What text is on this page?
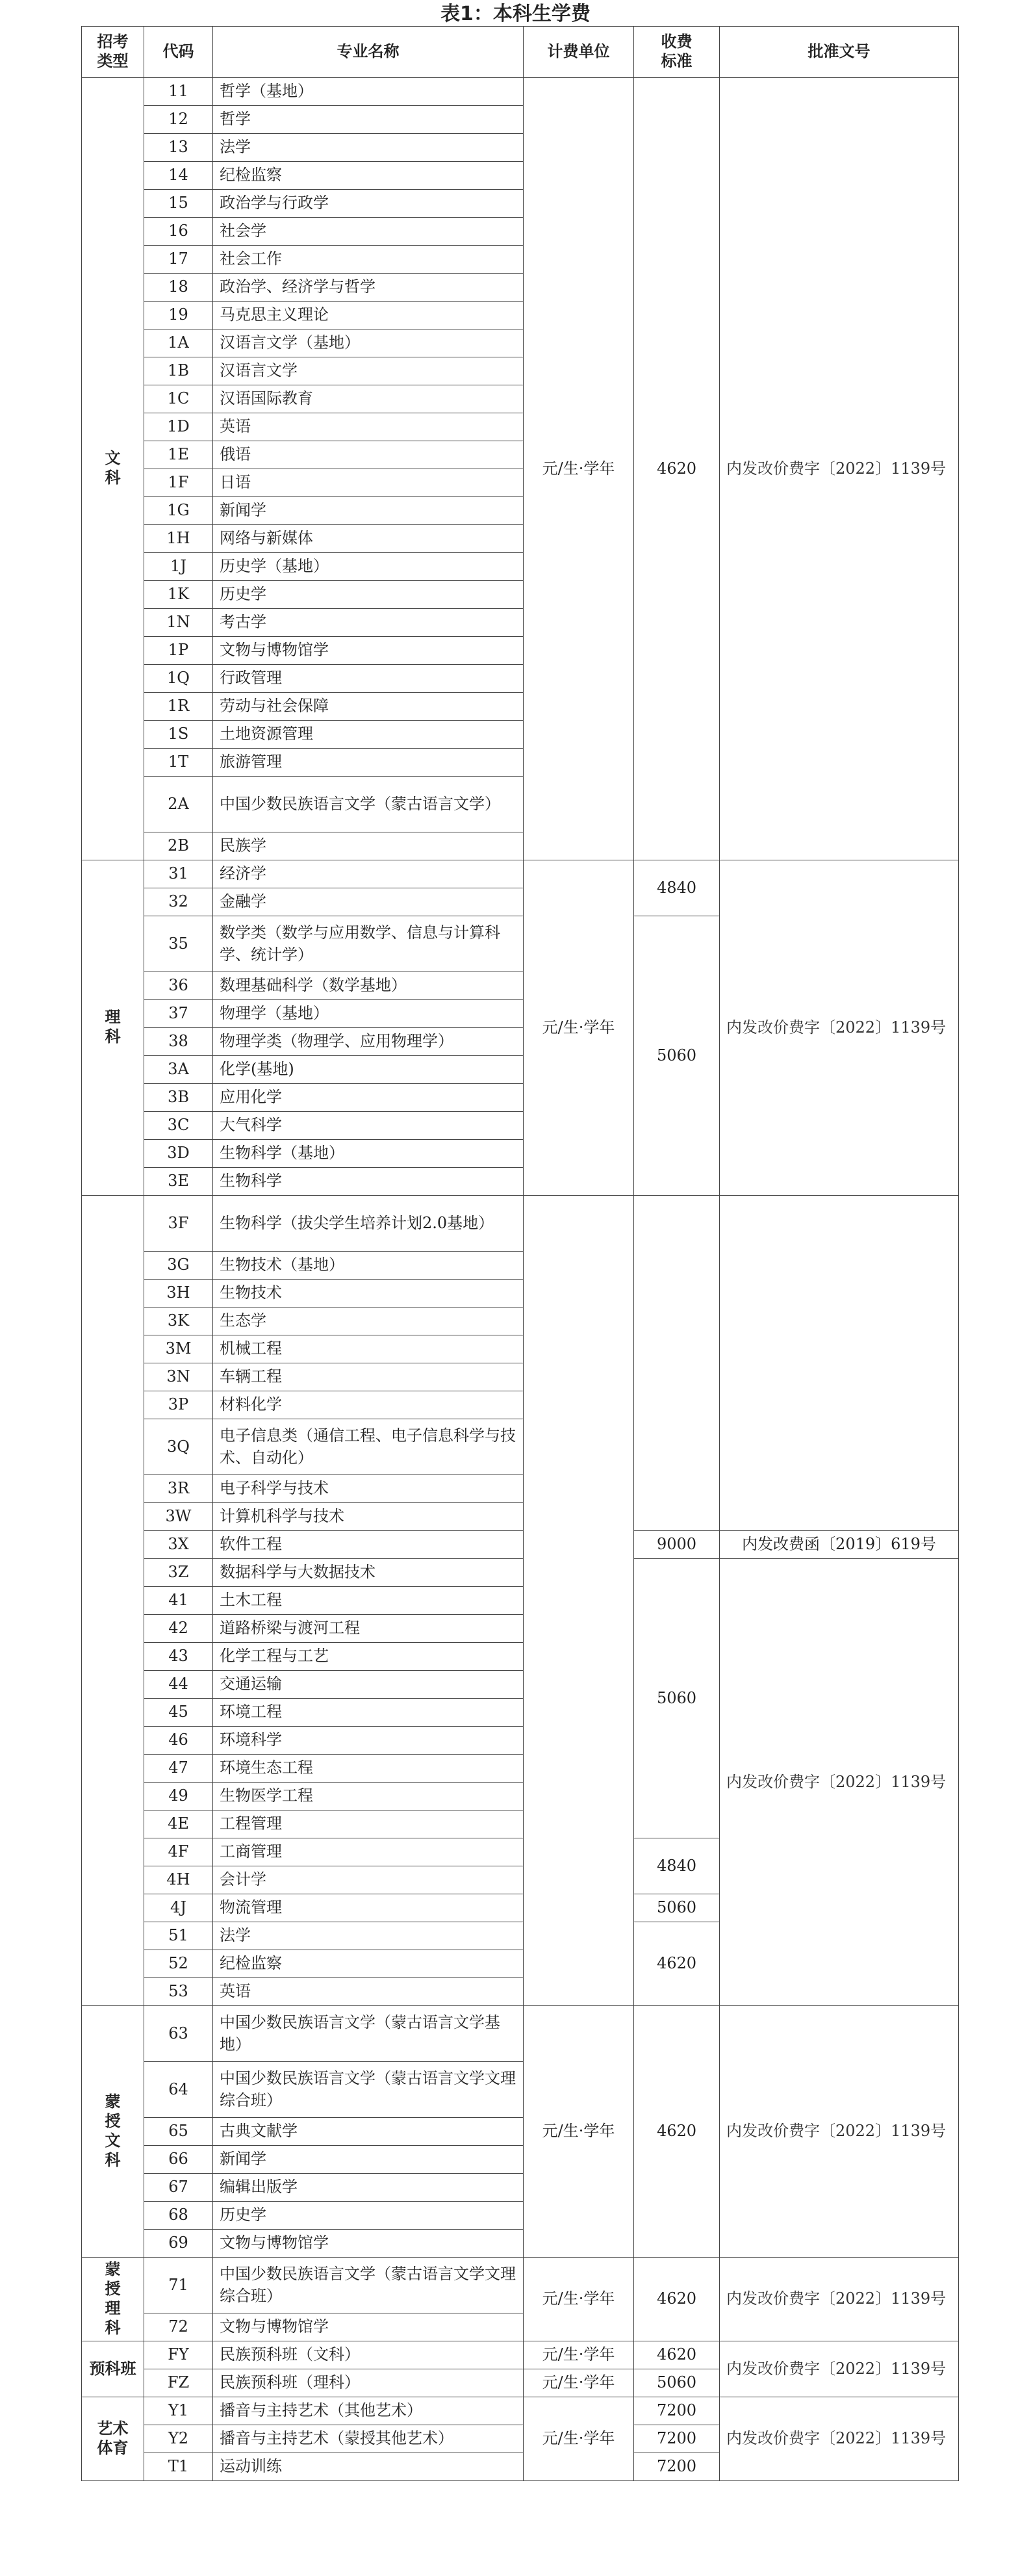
表1：本科生学费
招考类型	代码	专业名称	计费单位	收费标准	批准文号
文科	11	哲学（基地）	元/生·学年	4620	内发改价费字〔2022〕1139号
	12	哲学			
	13	法学			
	14	纪检监察			
	15	政治学与行政学			
	16	社会学			
	17	社会工作			
	18	政治学、经济学与哲学			
	19	马克思主义理论			
	1A	汉语言文学（基地）			
	1B	汉语言文学			
	1C	汉语国际教育			
	1D	英语			
	1E	俄语			
	1F	日语			
	1G	新闻学			
	1H	网络与新媒体			
	1J	历史学（基地）			
	1K	历史学			
	1N	考古学			
	1P	文物与博物馆学			
	1Q	行政管理			
	1R	劳动与社会保障			
	1S	土地资源管理			
	1T	旅游管理			
	2A	中国少数民族语言文学（蒙古语言文学）			
	2B	民族学			
理科	31	经济学	元/生·学年	4840	内发改价费字〔2022〕1139号
	32	金融学			
	35	数学类（数学与应用数学、信息与计算科学、统计学）		5060	
	36	数理基础科学（数学基地）			
	37	物理学（基地）			
	38	物理学类（物理学、应用物理学）			
	3A	化学(基地)			
	3B	应用化学			
	3C	大气科学			
	3D	生物科学（基地）			
	3E	生物科学			
	3F	生物科学（拔尖学生培养计划2.0基地）			
	3G	生物技术（基地）			
	3H	生物技术			
	3K	生态学			
	3M	机械工程			
	3N	车辆工程			
	3P	材料化学			
	3Q	电子信息类（通信工程、电子信息科学与技术、自动化）			
	3R	电子科学与技术			
	3W	计算机科学与技术			
	3X	软件工程		9000	内发改费函〔2019〕619号
	3Z	数据科学与大数据技术		5060	内发改价费字〔2022〕1139号
	41	土木工程			
	42	道路桥梁与渡河工程			
	43	化学工程与工艺			
	44	交通运输			
	45	环境工程			
	46	环境科学			
	47	环境生态工程			
	49	生物医学工程			
	4E	工程管理			
	4F	工商管理		4840	
	4H	会计学			
	4J	物流管理		5060	
	51	法学		4620	
	52	纪检监察			
	53	英语			
蒙授文科	63	中国少数民族语言文学（蒙古语言文学基地）	元/生·学年	4620	内发改价费字〔2022〕1139号
	64	中国少数民族语言文学（蒙古语言文学文理综合班）			
	65	古典文献学			
	66	新闻学			
	67	编辑出版学			
	68	历史学			
	69	文物与博物馆学			
蒙授理科	71	中国少数民族语言文学（蒙古语言文学文理综合班）	元/生·学年	4620	内发改价费字〔2022〕1139号
	72	文物与博物馆学			
预科班	FY	民族预科班（文科）	元/生·学年	4620	内发改价费字〔2022〕1139号
	FZ	民族预科班（理科）	元/生·学年	5060	
艺术体育	Y1	播音与主持艺术（其他艺术）	元/生·学年	7200	内发改价费字〔2022〕1139号
	Y2	播音与主持艺术（蒙授其他艺术）		7200	
	T1	运动训练		7200	
